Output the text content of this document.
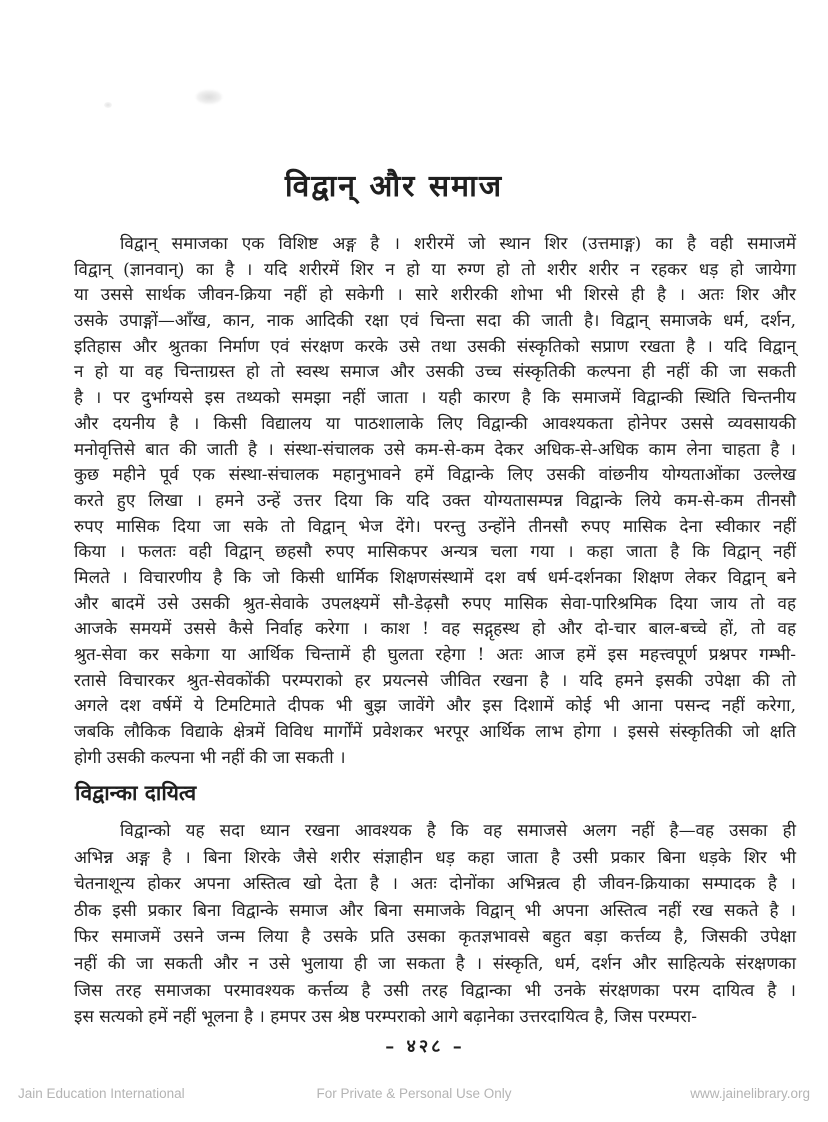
विद्वान् और समाज
विद्वान् समाजका एक विशिष्ट अङ्ग है । शरीरमें जो स्थान शिर (उत्तमाङ्ग) का है वही समाजमें
विद्वान् (ज्ञानवान्) का है । यदि शरीरमें शिर न हो या रुग्ण हो तो शरीर शरीर न रहकर धड़ हो जायेगा
या उससे सार्थक जीवन-क्रिया नहीं हो सकेगी । सारे शरीरकी शोभा भी शिरसे ही है । अतः शिर और
उसके उपाङ्गों—आँख, कान, नाक आदिकी रक्षा एवं चिन्ता सदा की जाती है। विद्वान् समाजके धर्म, दर्शन,
इतिहास और श्रुतका निर्माण एवं संरक्षण करके उसे तथा उसकी संस्कृतिको सप्राण रखता है । यदि विद्वान्
न हो या वह चिन्ताग्रस्त हो तो स्वस्थ समाज और उसकी उच्च संस्कृतिकी कल्पना ही नहीं की जा सकती
है । पर दुर्भाग्यसे इस तथ्यको समझा नहीं जाता । यही कारण है कि समाजमें विद्वान्की स्थिति चिन्तनीय
और दयनीय है । किसी विद्यालय या पाठशालाके लिए विद्वान्की आवश्यकता होनेपर उससे व्यवसायकी
मनोवृत्तिसे बात की जाती है । संस्था-संचालक उसे कम-से-कम देकर अधिक-से-अधिक काम लेना चाहता है ।
कुछ महीने पूर्व एक संस्था-संचालक महानुभावने हमें विद्वान्के लिए उसकी वांछनीय योग्यताओंका उल्लेख
करते हुए लिखा । हमने उन्हें उत्तर दिया कि यदि उक्त योग्यतासम्पन्न विद्वान्के लिये कम-से-कम तीनसौ
रुपए मासिक दिया जा सके तो विद्वान् भेज देंगे। परन्तु उन्होंने तीनसौ रुपए मासिक देना स्वीकार नहीं
किया । फलतः वही विद्वान् छहसौ रुपए मासिकपर अन्यत्र चला गया । कहा जाता है कि विद्वान् नहीं
मिलते । विचारणीय है कि जो किसी धार्मिक शिक्षणसंस्थामें दश वर्ष धर्म-दर्शनका शिक्षण लेकर विद्वान् बने
और बादमें उसे उसकी श्रुत-सेवाके उपलक्ष्यमें सौ-डेढ़सौ रुपए मासिक सेवा-पारिश्रमिक दिया जाय तो वह
आजके समयमें उससे कैसे निर्वाह करेगा । काश ! वह सद्गृहस्थ हो और दो-चार बाल-बच्चे हों, तो वह
श्रुत-सेवा कर सकेगा या आर्थिक चिन्तामें ही घुलता रहेगा ! अतः आज हमें इस महत्त्वपूर्ण प्रश्नपर गम्भी-
रतासे विचारकर श्रुत-सेवकोंकी परम्पराको हर प्रयत्नसे जीवित रखना है । यदि हमने इसकी उपेक्षा की तो
अगले दश वर्षमें ये टिमटिमाते दीपक भी बुझ जावेंगे और इस दिशामें कोई भी आना पसन्द नहीं करेगा,
जबकि लौकिक विद्याके क्षेत्रमें विविध मार्गोंमें प्रवेशकर भरपूर आर्थिक लाभ होगा । इससे संस्कृतिकी जो क्षति
होगी उसकी कल्पना भी नहीं की जा सकती ।
विद्वान्का दायित्व
विद्वान्को यह सदा ध्यान रखना आवश्यक है कि वह समाजसे अलग नहीं है—वह उसका ही
अभिन्न अङ्ग है । बिना शिरके जैसे शरीर संज्ञाहीन धड़ कहा जाता है उसी प्रकार बिना धड़के शिर भी
चेतनाशून्य होकर अपना अस्तित्व खो देता है । अतः दोनोंका अभिन्नत्व ही जीवन-क्रियाका सम्पादक है ।
ठीक इसी प्रकार बिना विद्वान्के समाज और बिना समाजके विद्वान् भी अपना अस्तित्व नहीं रख सकते है ।
फिर समाजमें उसने जन्म लिया है उसके प्रति उसका कृतज्ञभावसे बहुत बड़ा कर्त्तव्य है, जिसकी उपेक्षा
नहीं की जा सकती और न उसे भुलाया ही जा सकता है । संस्कृति, धर्म, दर्शन और साहित्यके संरक्षणका
जिस तरह समाजका परमावश्यक कर्त्तव्य है उसी तरह विद्वान्का भी उनके संरक्षणका परम दायित्व है ।
इस सत्यको हमें नहीं भूलना है । हमपर उस श्रेष्ठ परम्पराको आगे बढ़ानेका उत्तरदायित्व है, जिस परम्परा-
– ४२८ –
Jain Education International	For Private & Personal Use Only	www.jainelibrary.org
